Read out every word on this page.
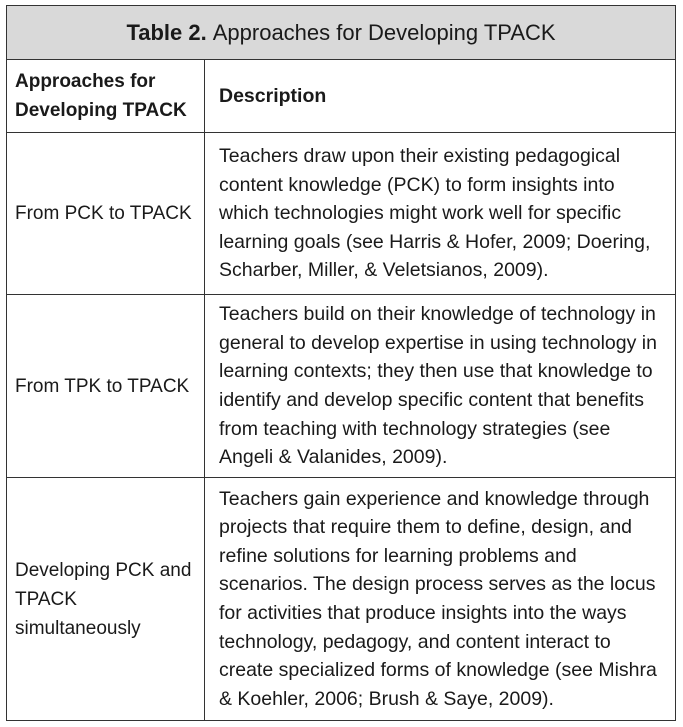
Table 2. Approaches for Developing TPACK
Approaches for Developing TPACK
Description
From PCK to TPACK
Teachers draw upon their existing pedagogical content knowledge (PCK) to form insights into which technologies might work well for specific learning goals (see Harris & Hofer, 2009; Doering, Scharber, Miller, & Veletsianos, 2009).
From TPK to TPACK
Teachers build on their knowledge of technology in general to develop expertise in using technology in learning contexts; they then use that knowledge to identify and develop specific content that benefits from teaching with technology strategies (see Angeli & Valanides, 2009).
Developing PCK and TPACK simultaneously
Teachers gain experience and knowledge through projects that require them to define, design, and refine solutions for learning problems and scenarios. The design process serves as the locus for activities that produce insights into the ways technology, pedagogy, and content interact to create specialized forms of knowledge (see Mishra & Koehler, 2006; Brush & Saye, 2009).
